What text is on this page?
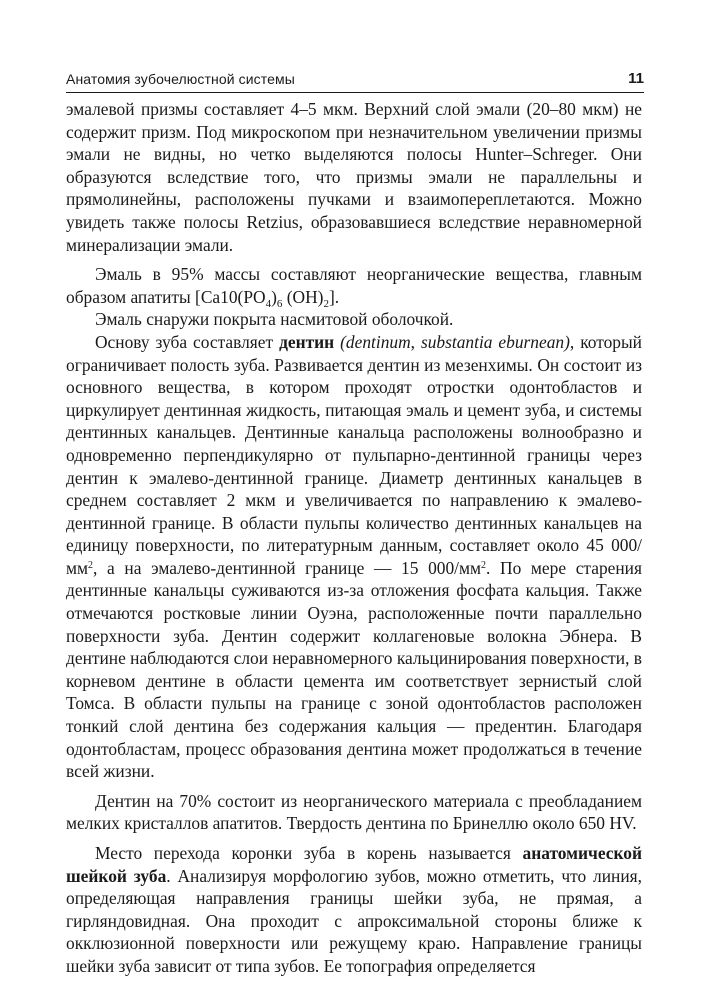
Анатомия зубочелюстной системы	11

эмалевой призмы составляет 4–5 мкм. Верхний слой эмали (20–80 мкм) не содержит призм. Под микроскопом при незначительном увеличении призмы эмали не видны, но четко выделяются полосы Hunter–Schreger. Они образуются вследствие того, что призмы эмали не параллельны и прямолинейны, расположены пучками и взаимопереплетаются. Можно увидеть также полосы Retzius, образовавшиеся вследствие неравномерной минерализации эмали.

Эмаль в 95% массы составляют неорганические вещества, главным образом апатиты [$Ca10(PO_4)_6$ $(OH)_2$].

Эмаль снаружи покрыта насмитовой оболочкой.

Основу зуба составляет дентин (dentinum, substantia eburnean), который ограничивает полость зуба. Развивается дентин из мезенхимы. Он состоит из основного вещества, в котором проходят отростки одонтобластов и циркулирует дентинная жидкость, питающая эмаль и цемент зуба, и системы дентинных канальцев. Дентинные канальца расположены волнообразно и одновременно перпендикулярно от пульпарно-дентинной границы через дентин к эмалево-дентинной границе. Диаметр дентинных канальцев в среднем составляет 2 мкм и увеличивается по направлению к эмалево-дентинной границе. В области пульпы количество дентинных канальцев на единицу поверхности, по литературным данным, составляет около 45 $000/мм^2$, а на эмалево-дентинной границе — 15 $000/мм^2$. По мере старения дентинные канальцы суживаются из-за отложения фосфата кальция. Также отмечаются ростковые линии Оуэна, расположенные почти параллельно поверхности зуба. Дентин содержит коллагеновые волокна Эбнера. В дентине наблюдаются слои неравномерного кальцинирования поверхности, в корневом дентине в области цемента им соответствует зернистый слой Томса. В области пульпы на границе с зоной одонтобластов расположен тонкий слой дентина без содержания кальция — предентин. Благодаря одонтобластам, процесс образования дентина может продолжаться в течение всей жизни.

Дентин на 70% состоит из неорганического материала с преобладанием мелких кристаллов апатитов. Твердость дентина по Бринеллю около 650 HV.

Место перехода коронки зуба в корень называется анатомической шейкой зуба. Анализируя морфологию зубов, можно отметить, что линия, определяющая направления границы шейки зуба, не прямая, а гирляндовидная. Она проходит с апроксимальной стороны ближе к окклюзионной поверхности или режущему краю. Направление границы шейки зуба зависит от типа зубов. Ее топография определяется
